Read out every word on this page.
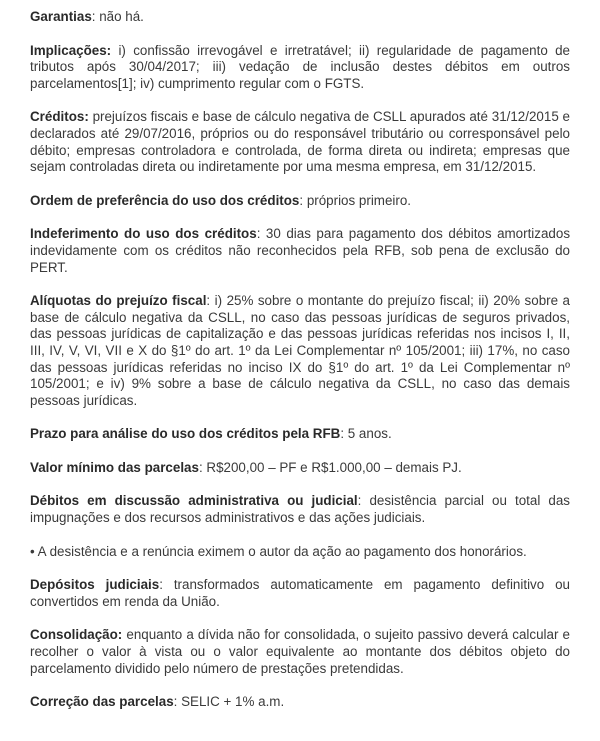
Garantias: não há.

Implicações: i) confissão irrevogável e irretratável; ii) regularidade de pagamento de tributos após 30/04/2017; iii) vedação de inclusão destes débitos em outros parcelamentos[1]; iv) cumprimento regular com o FGTS.

Créditos: prejuízos fiscais e base de cálculo negativa de CSLL apurados até 31/12/2015 e declarados até 29/07/2016, próprios ou do responsável tributário ou corresponsável pelo débito; empresas controladora e controlada, de forma direta ou indireta; empresas que sejam controladas direta ou indiretamente por uma mesma empresa, em 31/12/2015.

Ordem de preferência do uso dos créditos: próprios primeiro.

Indeferimento do uso dos créditos: 30 dias para pagamento dos débitos amortizados indevidamente com os créditos não reconhecidos pela RFB, sob pena de exclusão do PERT.

Alíquotas do prejuízo fiscal: i) 25% sobre o montante do prejuízo fiscal; ii) 20% sobre a base de cálculo negativa da CSLL, no caso das pessoas jurídicas de seguros privados, das pessoas jurídicas de capitalização e das pessoas jurídicas referidas nos incisos I, II, III, IV, V, VI, VII e X do §1º do art. 1º da Lei Complementar nº 105/2001; iii) 17%, no caso das pessoas jurídicas referidas no inciso IX do §1º do art. 1º da Lei Complementar nº 105/2001; e iv) 9% sobre a base de cálculo negativa da CSLL, no caso das demais pessoas jurídicas.

Prazo para análise do uso dos créditos pela RFB: 5 anos.

Valor mínimo das parcelas: R$200,00 – PF e R$1.000,00 – demais PJ.

Débitos em discussão administrativa ou judicial: desistência parcial ou total das impugnações e dos recursos administrativos e das ações judiciais.

• A desistência e a renúncia eximem o autor da ação ao pagamento dos honorários.

Depósitos judiciais: transformados automaticamente em pagamento definitivo ou convertidos em renda da União.

Consolidação: enquanto a dívida não for consolidada, o sujeito passivo deverá calcular e recolher o valor à vista ou o valor equivalente ao montante dos débitos objeto do parcelamento dividido pelo número de prestações pretendidas.

Correção das parcelas: SELIC + 1% a.m.
